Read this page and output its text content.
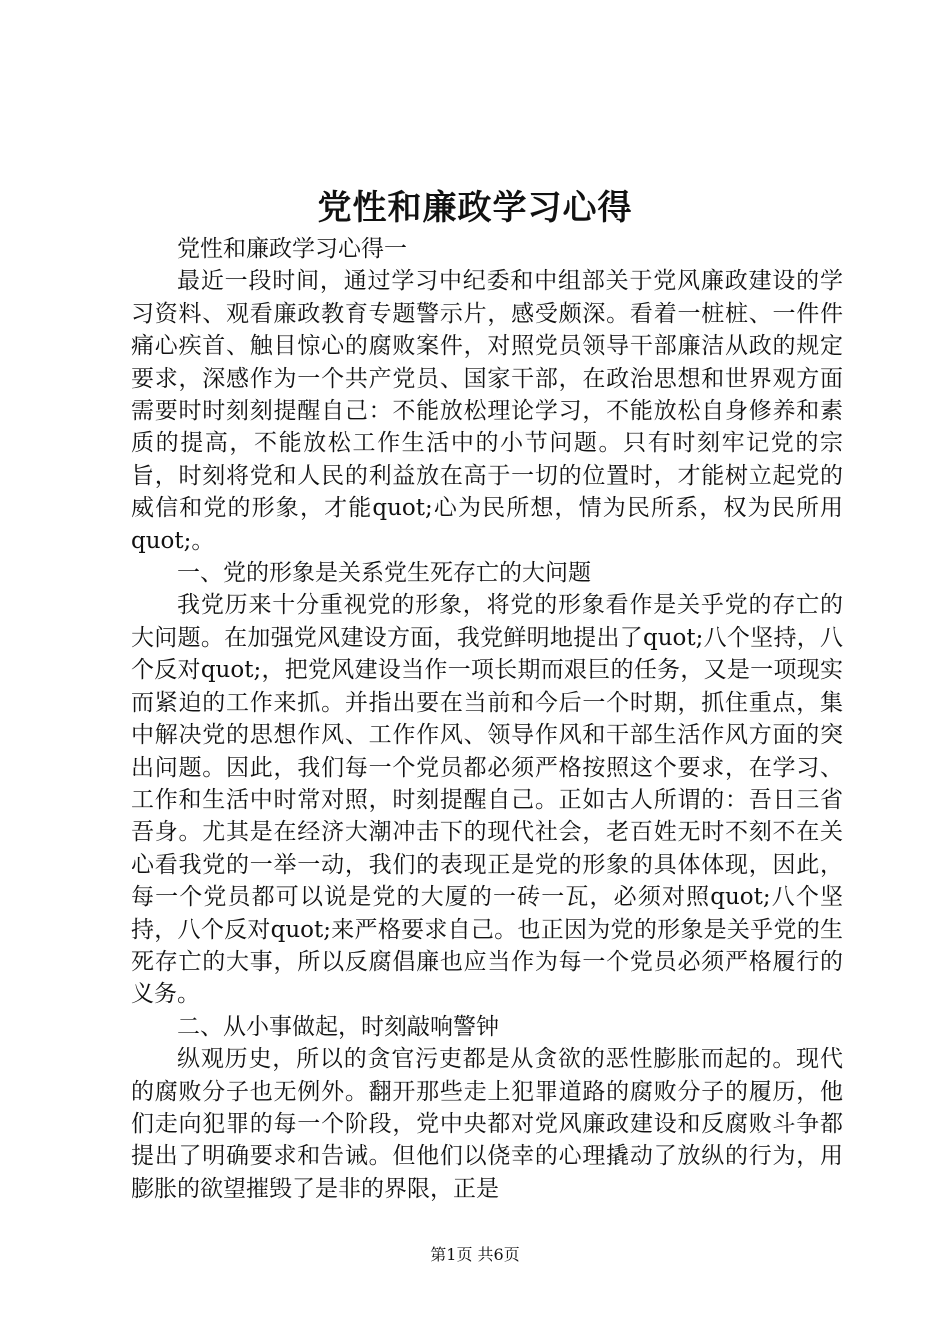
党性和廉政学习心得

党性和廉政学习心得一

最近一段时间，通过学习中纪委和中组部关于党风廉政建设的学习资料、观看廉政教育专题警示片，感受颇深。看着一桩桩、一件件痛心疾首、触目惊心的腐败案件，对照党员领导干部廉洁从政的规定要求，深感作为一个共产党员、国家干部，在政治思想和世界观方面需要时时刻刻提醒自己：不能放松理论学习，不能放松自身修养和素质的提高，不能放松工作生活中的小节问题。只有时刻牢记党的宗旨，时刻将党和人民的利益放在高于一切的位置时，才能树立起党的威信和党的形象，才能quot;心为民所想，情为民所系，权为民所用quot;。

一、党的形象是关系党生死存亡的大问题

我党历来十分重视党的形象，将党的形象看作是关乎党的存亡的大问题。在加强党风建设方面，我党鲜明地提出了quot;八个坚持，八个反对quot;，把党风建设当作一项长期而艰巨的任务，又是一项现实而紧迫的工作来抓。并指出要在当前和今后一个时期，抓住重点，集中解决党的思想作风、工作作风、领导作风和干部生活作风方面的突出问题。因此，我们每一个党员都必须严格按照这个要求，在学习、工作和生活中时常对照，时刻提醒自己。正如古人所谓的：吾日三省吾身。尤其是在经济大潮冲击下的现代社会，老百姓无时不刻不在关心看我党的一举一动，我们的表现正是党的形象的具体体现，因此，每一个党员都可以说是党的大厦的一砖一瓦，必须对照quot;八个坚持，八个反对quot;来严格要求自己。也正因为党的形象是关乎党的生死存亡的大事，所以反腐倡廉也应当作为每一个党员必须严格履行的义务。

二、从小事做起，时刻敲响警钟

纵观历史，所以的贪官污吏都是从贪欲的恶性膨胀而起的。现代的腐败分子也无例外。翻开那些走上犯罪道路的腐败分子的履历，他们走向犯罪的每一个阶段，党中央都对党风廉政建设和反腐败斗争都提出了明确要求和告诫。但他们以侥幸的心理撬动了放纵的行为，用膨胀的欲望摧毁了是非的界限，正是

第1页 共6页
